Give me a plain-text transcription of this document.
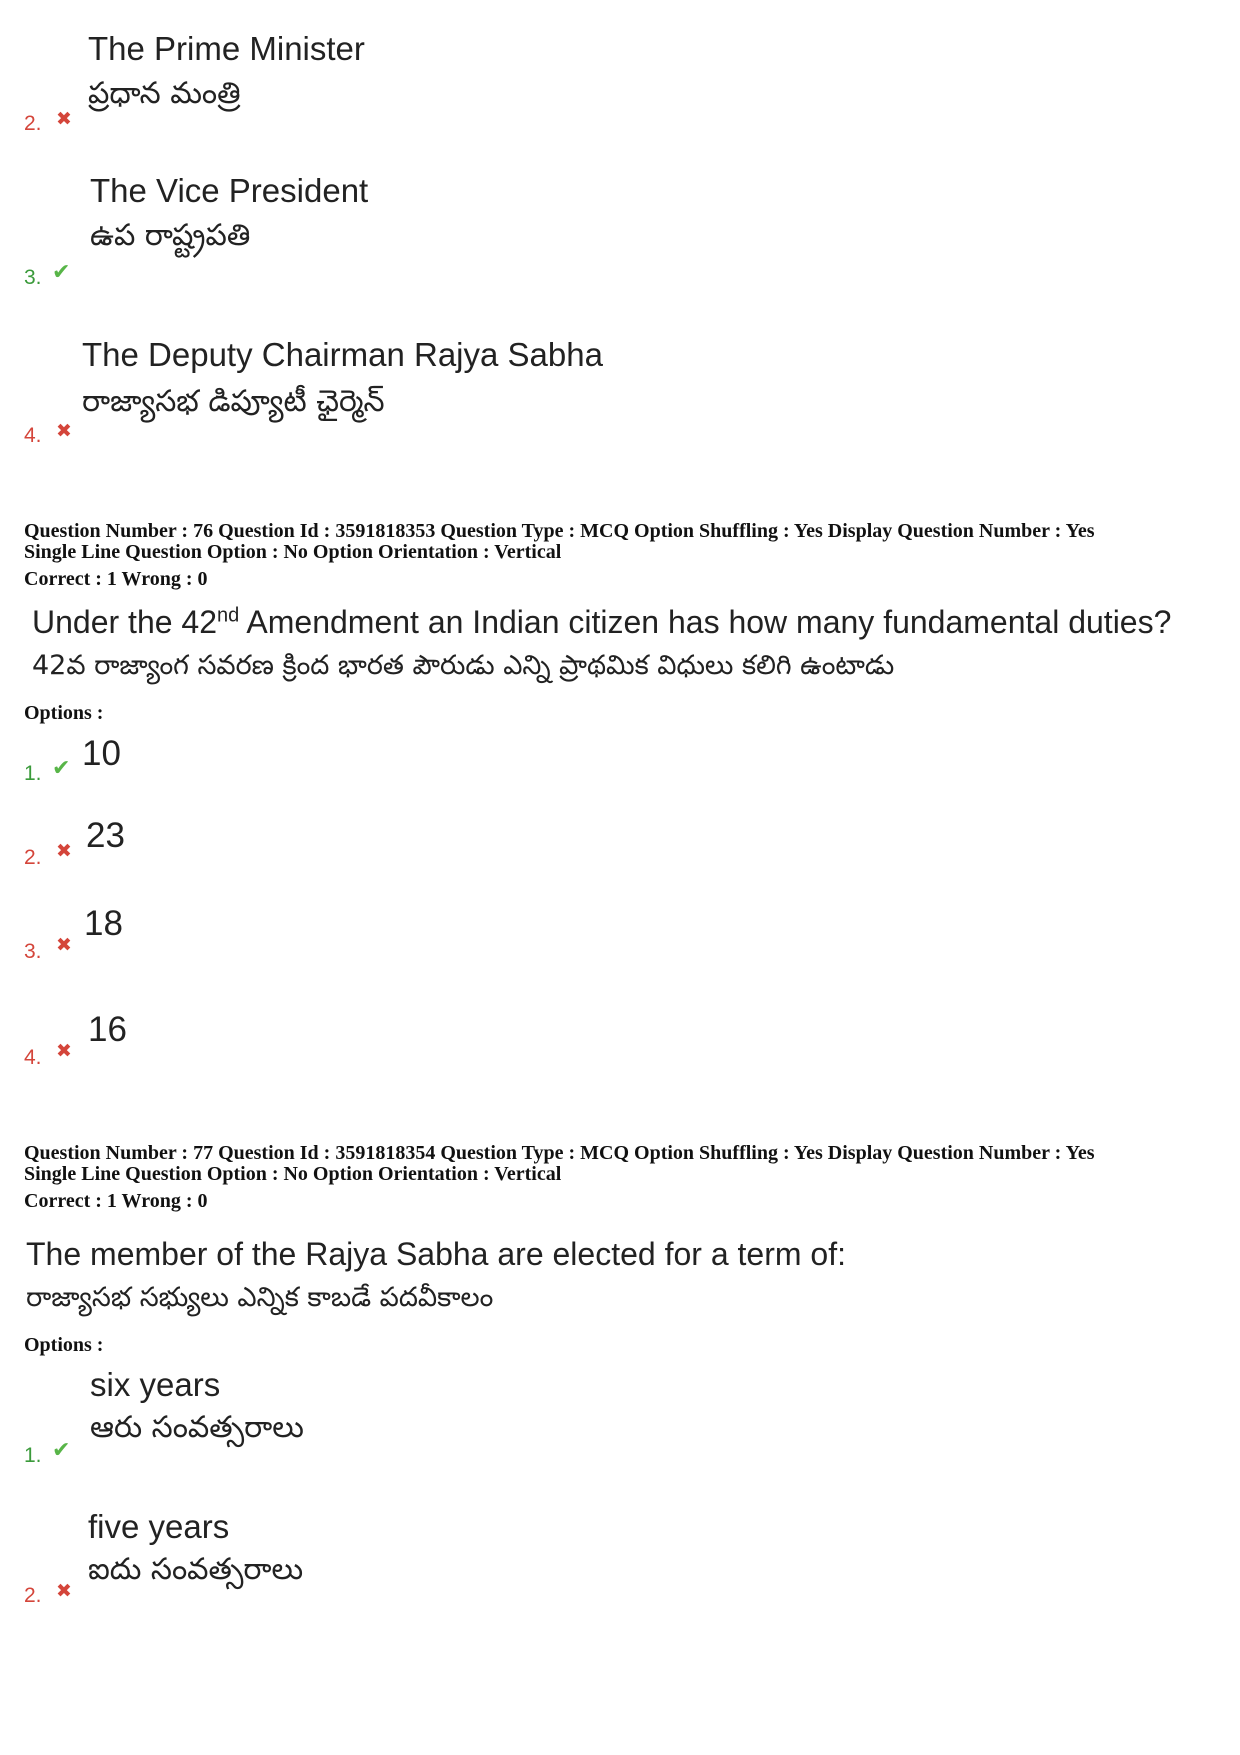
The Prime Minister
ప్రధాన మంత్రి
2. ✖
The Vice President
ఉప రాష్ట్రపతి
3. ✔
The Deputy Chairman Rajya Sabha
రాజ్యాసభ డిప్యూటీ ఛైర్మెన్
4. ✖
Question Number : 76 Question Id : 3591818353 Question Type : MCQ Option Shuffling : Yes Display Question Number : Yes
Single Line Question Option : No Option Orientation : Vertical
Correct : 1 Wrong : 0
Under the 42nd Amendment an Indian citizen has how many fundamental duties?
42వ రాజ్యాంగ సవరణ క్రింద భారత పౌరుడు ఎన్ని ప్రాథమిక విధులు కలిగి ఉంటాడు
Options :
1. ✔ 10
2. ✖ 23
3. ✖
18
4. ✖
16
Question Number : 77 Question Id : 3591818354 Question Type : MCQ Option Shuffling : Yes Display Question Number : Yes
Single Line Question Option : No Option Orientation : Vertical
Correct : 1 Wrong : 0
The member of the Rajya Sabha are elected for a term of:
రాజ్యాసభ సభ్యులు ఎన్నిక కాబడే పదవీకాలం
Options :
six years
ఆరు సంవత్సరాలు
1. ✔
five years
ఐదు సంవత్సరాలు
2. ✖
